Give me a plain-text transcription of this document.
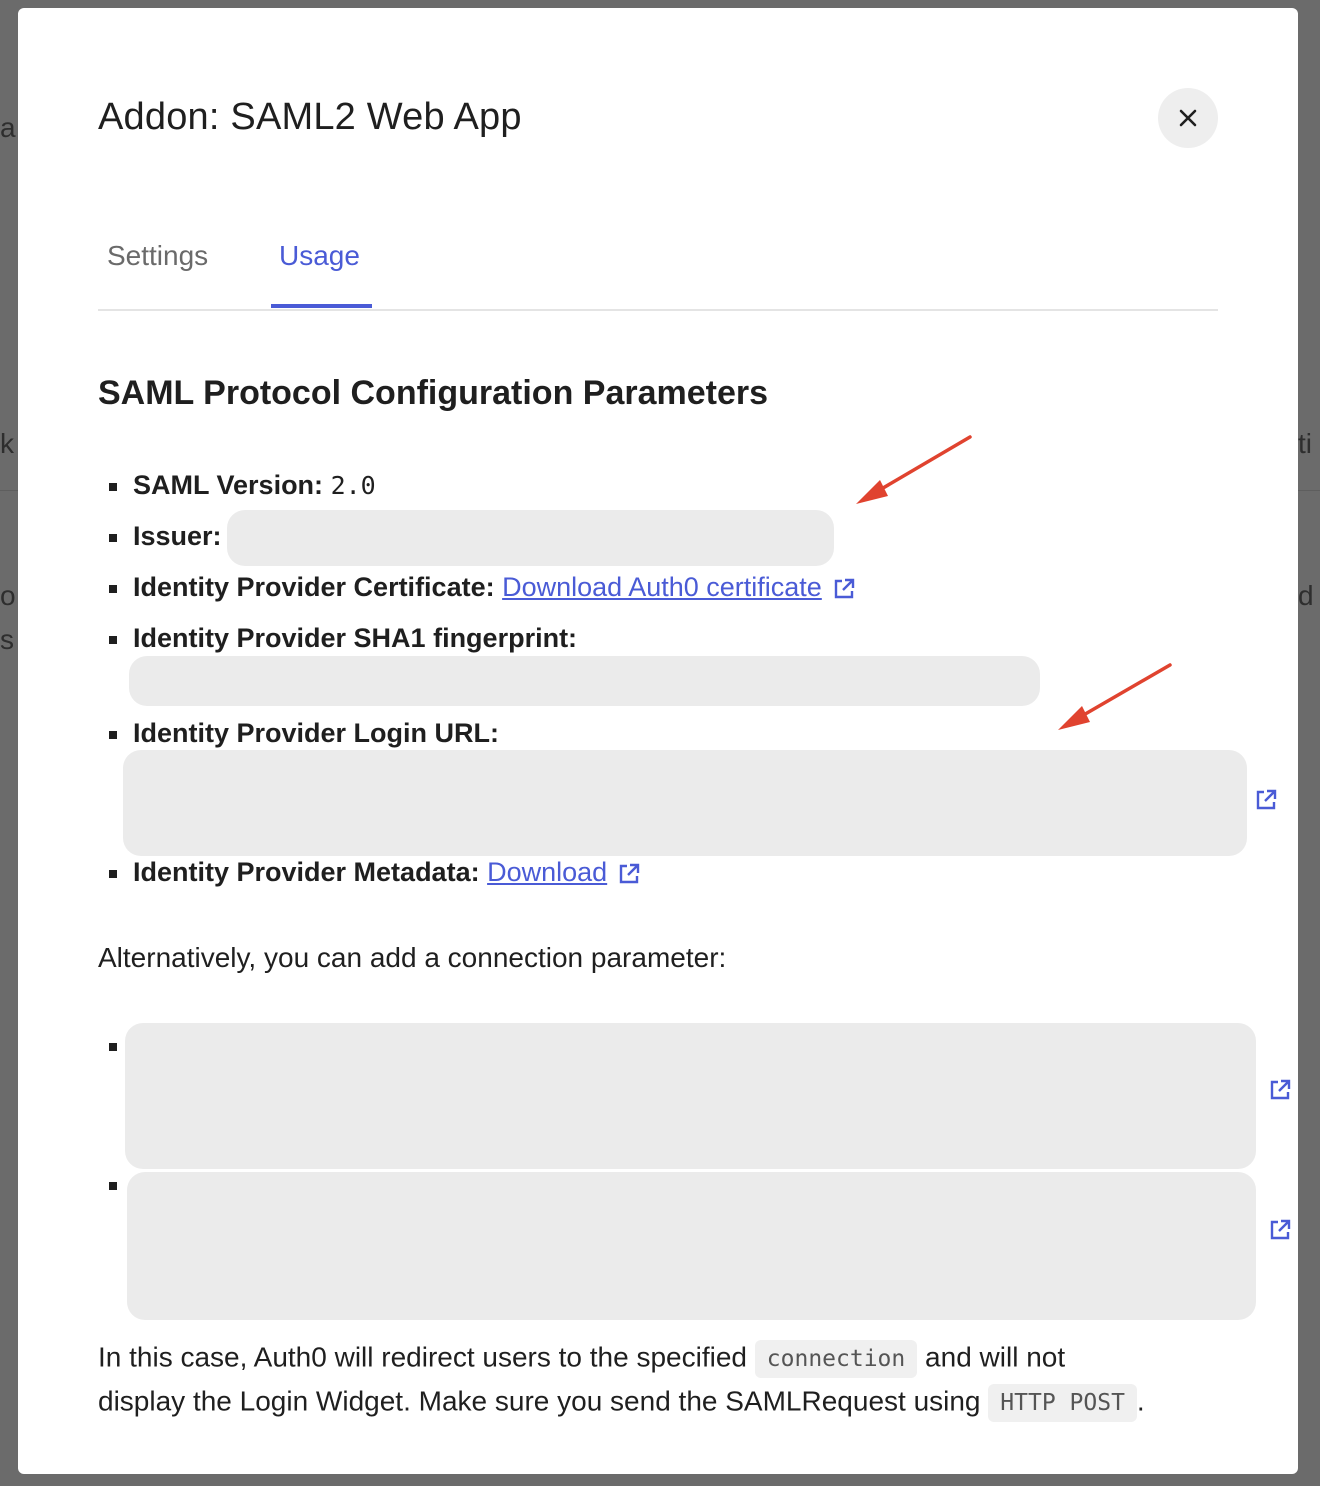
a
k
o
s
ti
d
Addon: SAML2 Web App
Settings	Usage
SAML Protocol Configuration Parameters
SAML Version: 2.0
Issuer:
Identity Provider Certificate: Download Auth0 certificate
Identity Provider SHA1 fingerprint:
Identity Provider Login URL:
Identity Provider Metadata: Download
Alternatively, you can add a connection parameter:
In this case, Auth0 will redirect users to the specified connection and will not
display the Login Widget. Make sure you send the SAMLRequest using HTTP POST .
